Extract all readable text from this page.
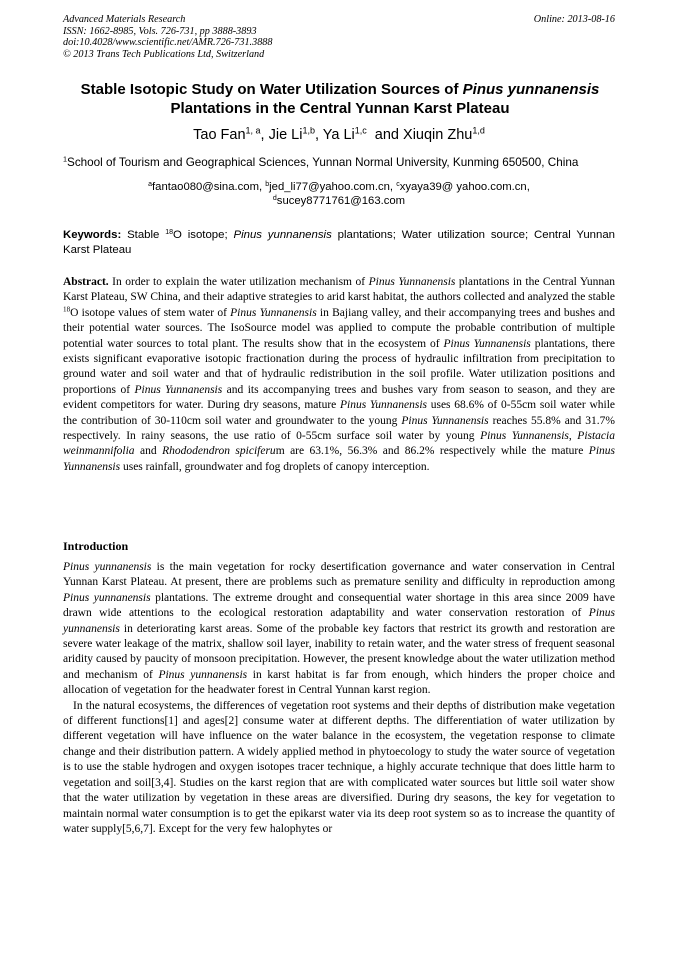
Advanced Materials Research
ISSN: 1662-8985, Vols. 726-731, pp 3888-3893
doi:10.4028/www.scientific.net/AMR.726-731.3888
© 2013 Trans Tech Publications Ltd, Switzerland
Online: 2013-08-16
Stable Isotopic Study on Water Utilization Sources of Pinus yunnanensis
Plantations in the Central Yunnan Karst Plateau
Tao Fan$^{1, a}$, Jie Li$^{1,b}$, Ya Li$^{1,c}$  and Xiuqin Zhu$^{1,d}$
$^1$School of Tourism and Geographical Sciences, Yunnan Normal University, Kunming 650500, China
$^a$fantao080@sina.com, $^b$jed_li77@yahoo.com.cn, $^c$xyaya39@ yahoo.com.cn,
$^d$sucey8771761@163.com
Keywords: Stable $^{18}$O isotope; Pinus yunnanensis plantations; Water utilization source; Central Yunnan Karst Plateau
Abstract. In order to explain the water utilization mechanism of Pinus Yunnanensis plantations in the Central Yunnan Karst Plateau, SW China, and their adaptive strategies to arid karst habitat, the authors collected and analyzed the stable $^{18}$O isotope values of stem water of Pinus Yunnanensis in Bajiang valley, and their accompanying trees and bushes and their potential water sources. The IsoSource model was applied to compute the probable contribution of multiple potential water sources to total plant. The results show that in the ecosystem of Pinus Yunnanensis plantations, there exists significant evaporative isotopic fractionation during the process of hydraulic infiltration from precipitation to ground water and soil water and that of hydraulic redistribution in the soil profile. Water utilization positions and proportions of Pinus Yunnanensis and its accompanying trees and bushes vary from season to season, and they are evident competitors for water. During dry seasons, mature Pinus Yunnanensis uses 68.6% of 0-55cm soil water while the contribution of 30-110cm soil water and groundwater to the young Pinus Yunnanensis reaches 55.8% and 31.7% respectively. In rainy seasons, the use ratio of 0-55cm surface soil water by young Pinus Yunnanensis, Pistacia weinmannifolia and Rhododendron spiciferum are 63.1%, 56.3% and 86.2% respectively while the mature Pinus Yunnanensis uses rainfall, groundwater and fog droplets of canopy interception.
Introduction

Pinus yunnanensis is the main vegetation for rocky desertification governance and water conservation in Central Yunnan Karst Plateau. At present, there are problems such as premature senility and difficulty in reproduction among Pinus yunnanensis plantations. The extreme drought and consequential water shortage in this area since 2009 have drawn wide attentions to the ecological restoration adaptability and water conservation restoration of Pinus yunnanensis in deteriorating karst areas. Some of the probable key factors that restrict its growth and restoration are severe water leakage of the matrix, shallow soil layer, inability to retain water, and the water stress of frequent seasonal aridity caused by paucity of monsoon precipitation. However, the present knowledge about the water utilization method and mechanism of Pinus yunnanensis in karst habitat is far from enough, which hinders the proper choice and allocation of vegetation for the headwater forest in Central Yunnan karst region.

In the natural ecosystems, the differences of vegetation root systems and their depths of distribution make vegetation of different functions[1] and ages[2] consume water at different depths. The differentiation of water utilization by different vegetation will have influence on the water balance in the ecosystem, the vegetation response to climate change and their distribution pattern. A widely applied method in phytoecology to study the water source of vegetation is to use the stable hydrogen and oxygen isotopes tracer technique, a highly accurate technique that does little harm to vegetation and soil[3,4]. Studies on the karst region that are with complicated water sources but little soil water show that the water utilization by vegetation in these areas are diversified. During dry seasons, the key for vegetation to maintain normal water consumption is to get the epikarst water via its deep root system so as to increase the quantity of water supply[5,6,7]. Except for the very few halophytes or
